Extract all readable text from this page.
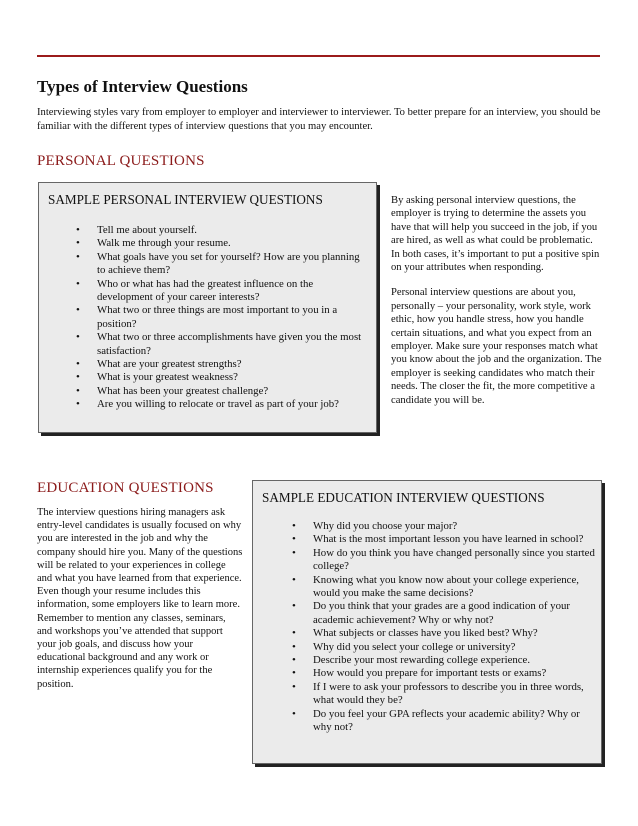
Types of Interview Questions
Interviewing styles vary from employer to employer and interviewer to interviewer. To better prepare for an interview, you should be familiar with the different types of interview questions that you may encounter.
PERSONAL QUESTIONS
SAMPLE PERSONAL INTERVIEW QUESTIONS
• Tell me about yourself.
• Walk me through your resume.
• What goals have you set for yourself? How are you planning to achieve them?
• Who or what has had the greatest influence on the development of your career interests?
• What two or three things are most important to you in a position?
• What two or three accomplishments have given you the most satisfaction?
• What are your greatest strengths?
• What is your greatest weakness?
• What has been your greatest challenge?
• Are you willing to relocate or travel as part of your job?

By asking personal interview questions, the employer is trying to determine the assets you have that will help you succeed in the job, if you are hired, as well as what could be problematic. In both cases, it’s important to put a positive spin on your attributes when responding.

Personal interview questions are about you, personally – your personality, work style, work ethic, how you handle stress, how you handle certain situations, and what you expect from an employer. Make sure your responses match what you know about the job and the organization. The employer is seeking candidates who match their needs. The closer the fit, the more competitive a candidate you will be.

EDUCATION QUESTIONS
The interview questions hiring managers ask entry-level candidates is usually focused on why you are interested in the job and why the company should hire you. Many of the questions will be related to your experiences in college and what you have learned from that experience. Even though your resume includes this information, some employers like to learn more. Remember to mention any classes, seminars, and workshops you’ve attended that support your job goals, and discuss how your educational background and any work or internship experiences qualify you for the position.
SAMPLE EDUCATION INTERVIEW QUESTIONS
• Why did you choose your major?
• What is the most important lesson you have learned in school?
• How do you think you have changed personally since you started college?
• Knowing what you know now about your college experience, would you make the same decisions?
• Do you think that your grades are a good indication of your academic achievement? Why or why not?
• What subjects or classes have you liked best? Why?
• Why did you select your college or university?
• Describe your most rewarding college experience.
• How would you prepare for important tests or exams?
• If I were to ask your professors to describe you in three words, what would they be?
• Do you feel your GPA reflects your academic ability? Why or why not?
